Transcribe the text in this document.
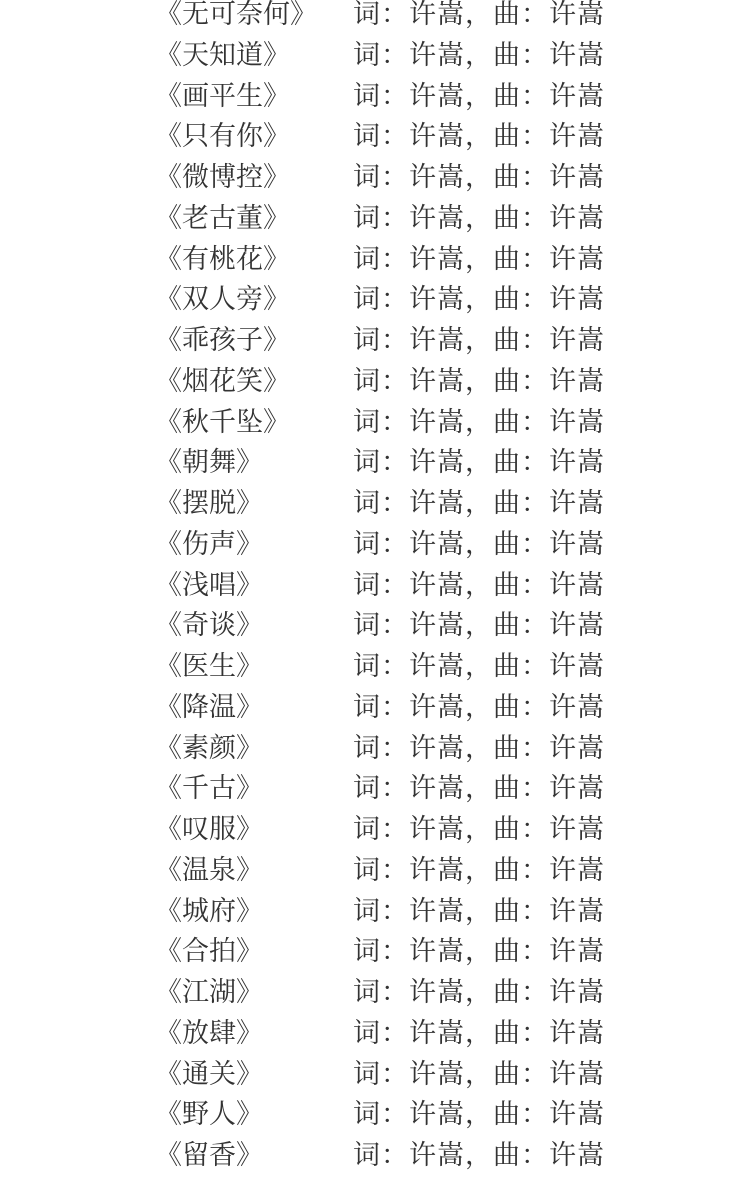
《无可奈何》 词：许嵩，曲：许嵩
《天知道》 词：许嵩，曲：许嵩
《画平生》 词：许嵩，曲：许嵩
《只有你》 词：许嵩，曲：许嵩
《微博控》 词：许嵩，曲：许嵩
《老古董》 词：许嵩，曲：许嵩
《有桃花》 词：许嵩，曲：许嵩
《双人旁》 词：许嵩，曲：许嵩
《乖孩子》 词：许嵩，曲：许嵩
《烟花笑》 词：许嵩，曲：许嵩
《秋千坠》 词：许嵩，曲：许嵩
《朝舞》	词：许嵩，曲：许嵩
《摆脱》	词：许嵩，曲：许嵩
《伤声》	词：许嵩，曲：许嵩
《浅唱》	词：许嵩，曲：许嵩
《奇谈》	词：许嵩，曲：许嵩
《医生》	词：许嵩，曲：许嵩
《降温》	词：许嵩，曲：许嵩
《素颜》	词：许嵩，曲：许嵩
《千古》	词：许嵩，曲：许嵩
《叹服》	词：许嵩，曲：许嵩
《温泉》	词：许嵩，曲：许嵩
《城府》	词：许嵩，曲：许嵩
《合拍》	词：许嵩，曲：许嵩
《江湖》	词：许嵩，曲：许嵩
《放肆》	词：许嵩，曲：许嵩
《通关》	词：许嵩，曲：许嵩
《野人》	词：许嵩，曲：许嵩
《留香》	词：许嵩，曲：许嵩
